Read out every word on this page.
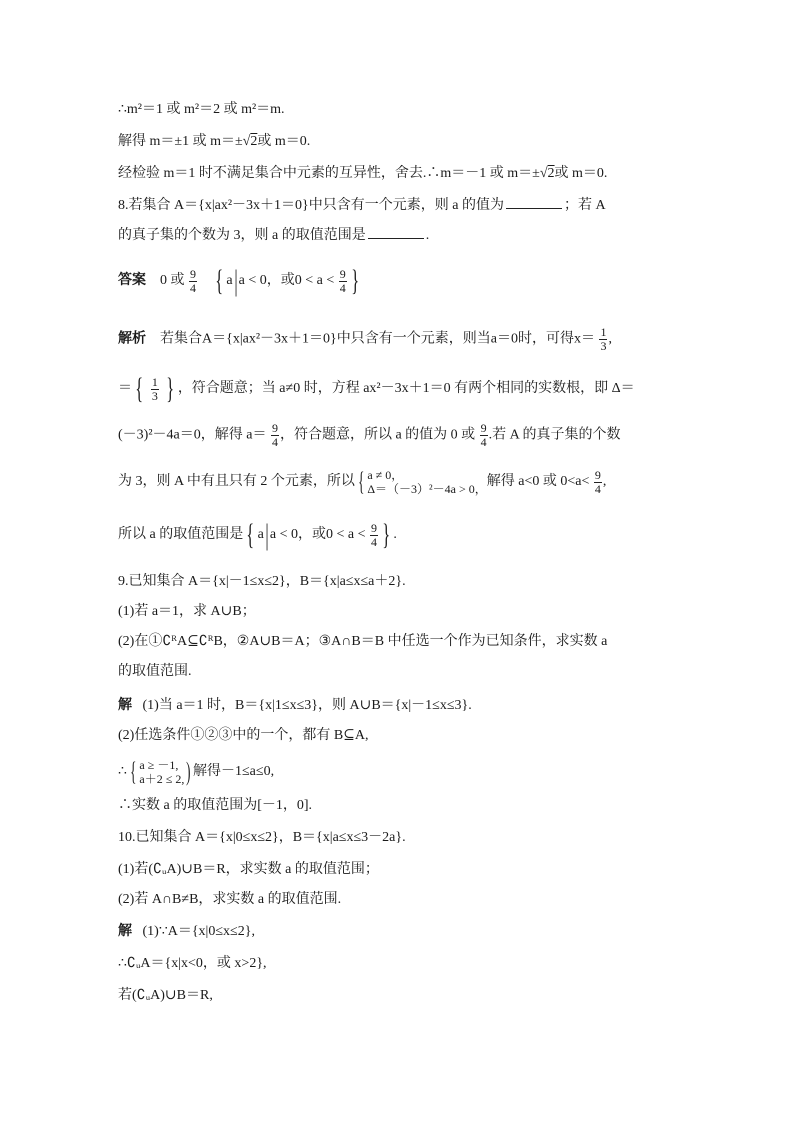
∴m²＝1 或 m²＝2 或 m²＝m.
解得 m＝±1 或 m＝±√2或 m＝0.
经检验 m＝1 时不满足集合中元素的互异性，舍去.∴m＝－1 或 m＝±√2或 m＝0.
8.若集合 A＝{x|ax²－3x＋1＝0}中只含有一个元素，则 a 的值为	；若 A
的真子集的个数为 3，则 a 的取值范围是	.
答案 0 或 $\frac{9}{4}$ { a|a < 0，或$0 < a < \frac{9}{4}$ }
解析 若集合A＝{x|ax²－3x＋1＝0}中只含有一个元素，则当a＝0时，可得$x= \frac{1}{3}$ ,
＝ { $\frac{1}{3}$ } ，符合题意；当 a≠0 时，方程 ax²－3x＋1＝0 有两个相同的实数根，即 Δ＝
(－3)²－4a＝0，解得 $a= \frac{9}{4}$ ，符合题意，所以 a 的值为 0 或 $\frac{9}{4}$ .若 A 的真子集的个数
为 3，则 A 中有且只有 2 个元素，所以 { a ≠ 0，
Δ＝（－3）²－4a > 0， 解得 a<0 或 $0<a< \frac{9}{4}$ ,
所以 a 的取值范围是 { a|a < 0，或$0 < a < \frac{9}{4}$ } .
9.已知集合 A＝{x|－1≤x≤2}，B＝{x|a≤x≤a＋2}.
(1)若 a＝1，求 A∪B；
(2)在①∁ᴿA⊆∁ᴿB，②A∪B＝A；③A∩B＝B 中任选一个作为已知条件，求实数 a
的取值范围.
解 (1)当 a＝1 时，B＝{x|1≤x≤3}，则 A∪B＝{x|－1≤x≤3}.
(2)任选条件①②③中的一个，都有 B⊆A,
∴ { a ≥ －1,
a＋2 ≤ 2, ) 解得－1≤a≤0,
∴实数 a 的取值范围为[－1，0].
10.已知集合 A＝{x|0≤x≤2}，B＝{x|a≤x≤3－2a}.
(1)若(∁ᵤA)∪B＝R，求实数 a 的取值范围；
(2)若 A∩B≠B，求实数 a 的取值范围.
解 (1)∵A＝{x|0≤x≤2},
∴∁ᵤA＝{x|x<0，或 x>2},
若(∁ᵤA)∪B＝R,
